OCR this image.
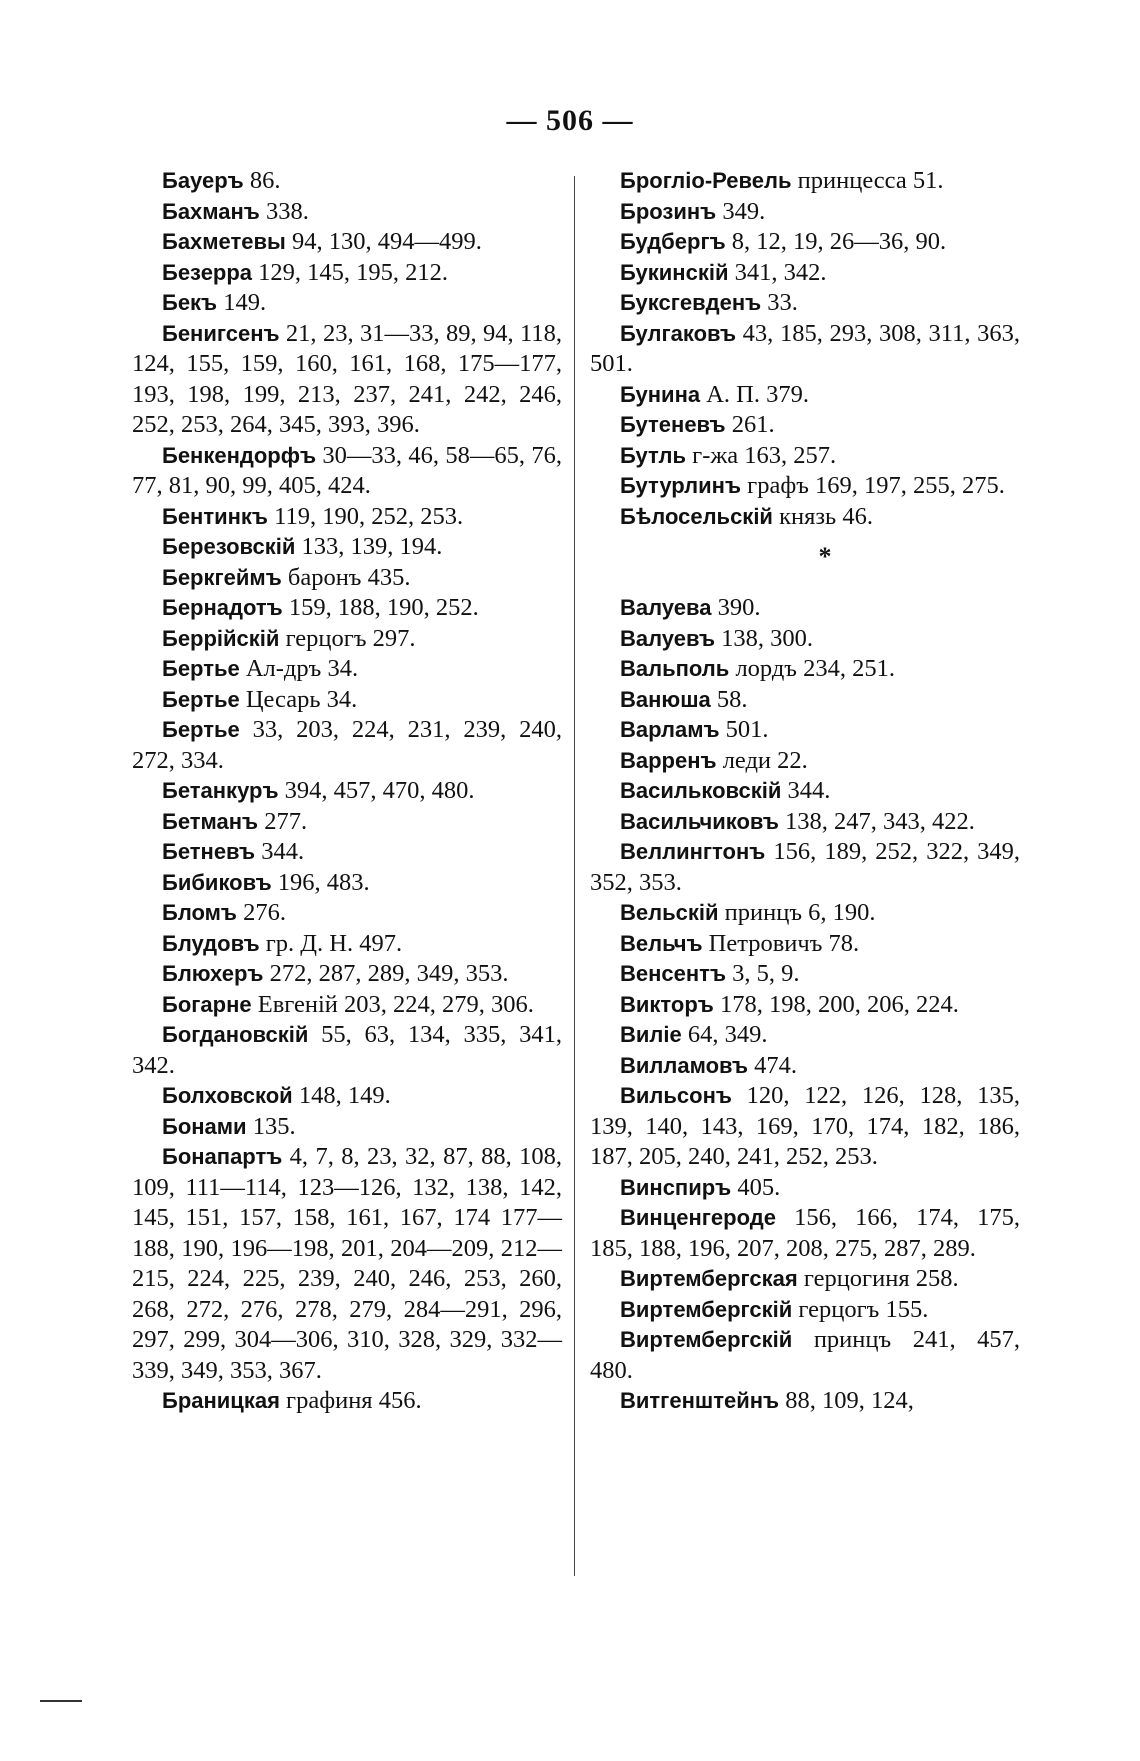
— 506 —

Бауеръ 86.

Бахманъ 338.

Бахметевы 94, 130, 494—499.

Безерра 129, 145, 195, 212.

Бекъ 149.

Бенигсенъ 21, 23, 31—33, 89, 94, 118, 124, 155, 159, 160, 161, 168, 175—177, 193, 198, 199, 213, 237, 241, 242, 246, 252, 253, 264, 345, 393, 396.

Бенкендорфъ 30—33, 46, 58—65, 76, 77, 81, 90, 99, 405, 424.

Бентинкъ 119, 190, 252, 253.

Березовскій 133, 139, 194.

Беркгеймъ баронъ 435.

Бернадотъ 159, 188, 190, 252.

Беррійскій герцогъ 297.

Бертье Ал-дръ 34.

Бертье Цесарь 34.

Бертье 33, 203, 224, 231, 239, 240, 272, 334.

Бетанкуръ 394, 457, 470, 480.

Бетманъ 277.

Бетневъ 344.

Бибиковъ 196, 483.

Бломъ 276.

Блудовъ гр. Д. Н. 497.

Блюхеръ 272, 287, 289, 349, 353.

Богарне Евгеній 203, 224, 279, 306.

Богдановскій 55, 63, 134, 335, 341, 342.

Болховской 148, 149.

Бонами 135.

Бонапартъ 4, 7, 8, 23, 32, 87, 88, 108, 109, 111—114, 123—126, 132, 138, 142, 145, 151, 157, 158, 161, 167, 174 177—188, 190, 196—198, 201, 204—209, 212—215, 224, 225, 239, 240, 246, 253, 260, 268, 272, 276, 278, 279, 284—291, 296, 297, 299, 304—306, 310, 328, 329, 332—339, 349, 353, 367.

Браницкая графиня 456.

Брогліо-Ревель принцесса 51.

Брозинъ 349.

Будбергъ 8, 12, 19, 26—36, 90.

Букинскій 341, 342.

Буксгевденъ 33.

Булгаковъ 43, 185, 293, 308, 311, 363, 501.

Бунина А. П. 379.

Бутеневъ 261.

Бутль г-жа 163, 257.

Бутурлинъ графъ 169, 197, 255, 275.

Бѣлосельскій князь 46.

*

Валуева 390.

Валуевъ 138, 300.

Вальполь лордъ 234, 251.

Ванюша 58.

Варламъ 501.

Варренъ леди 22.

Васильковскій 344.

Васильчиковъ 138, 247, 343, 422.

Веллингтонъ 156, 189, 252, 322, 349, 352, 353.

Вельскій принцъ 6, 190.

Вельчъ Петровичъ 78.

Венсентъ 3, 5, 9.

Викторъ 178, 198, 200, 206, 224.

Виліе 64, 349.

Вилламовъ 474.

Вильсонъ 120, 122, 126, 128, 135, 139, 140, 143, 169, 170, 174, 182, 186, 187, 205, 240, 241, 252, 253.

Винспиръ 405.

Винценгероде 156, 166, 174, 175, 185, 188, 196, 207, 208, 275, 287, 289.

Виртембергская герцогиня 258.

Виртембергскій герцогъ 155.

Виртембергскій принцъ 241, 457, 480.

Витгенштейнъ 88, 109, 124,
